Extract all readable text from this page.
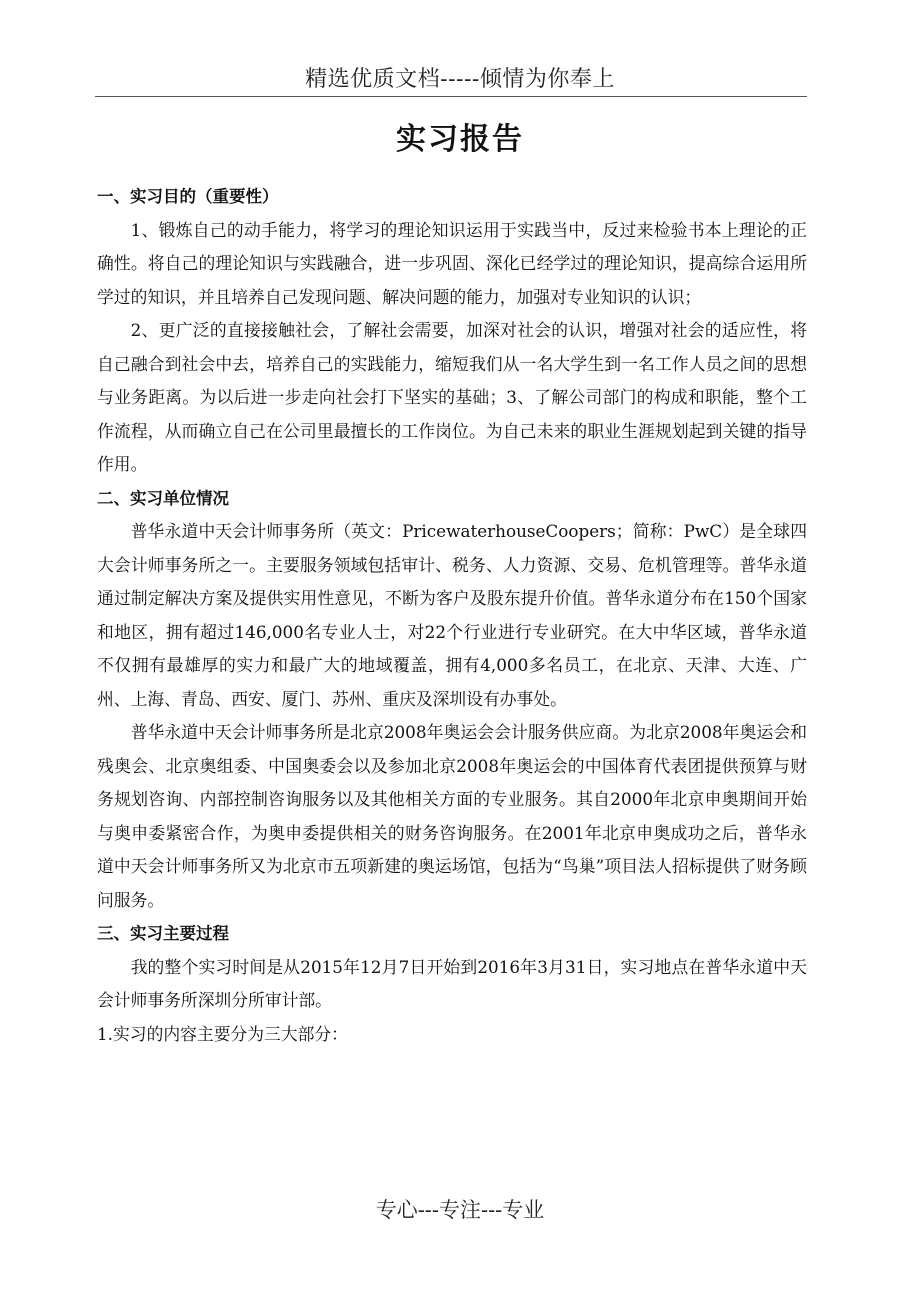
精选优质文档-----倾情为你奉上
实习报告
一、实习目的（重要性）

1、锻炼自己的动手能力，将学习的理论知识运用于实践当中，反过来检验书本上理论的正确性。将自己的理论知识与实践融合，进一步巩固、深化已经学过的理论知识，提高综合运用所学过的知识，并且培养自己发现问题、解决问题的能力，加强对专业知识的认识；

2、更广泛的直接接触社会，了解社会需要，加深对社会的认识，增强对社会的适应性，将自己融合到社会中去，培养自己的实践能力，缩短我们从一名大学生到一名工作人员之间的思想与业务距离。为以后进一步走向社会打下坚实的基础；3、了解公司部门的构成和职能，整个工作流程，从而确立自己在公司里最擅长的工作岗位。为自己未来的职业生涯规划起到关键的指导作用。

二、实习单位情况

普华永道中天会计师事务所（英文：PricewaterhouseCoopers；简称：PwC）是全球四大会计师事务所之一。主要服务领域包括审计、税务、人力资源、交易、危机管理等。普华永道通过制定解决方案及提供实用性意见，不断为客户及股东提升价值。普华永道分布在150个国家和地区，拥有超过146,000名专业人士，对22个行业进行专业研究。在大中华区域，普华永道不仅拥有最雄厚的实力和最广大的地域覆盖，拥有4,000多名员工，在北京、天津、大连、广州、上海、青岛、西安、厦门、苏州、重庆及深圳设有办事处。

普华永道中天会计师事务所是北京2008年奥运会会计服务供应商。为北京2008年奥运会和残奥会、北京奥组委、中国奥委会以及参加北京2008年奥运会的中国体育代表团提供预算与财务规划咨询、内部控制咨询服务以及其他相关方面的专业服务。其自2000年北京申奥期间开始与奥申委紧密合作，为奥申委提供相关的财务咨询服务。在2001年北京申奥成功之后，普华永道中天会计师事务所又为北京市五项新建的奥运场馆，包括为“鸟巢”项目法人招标提供了财务顾问服务。

三、实习主要过程

我的整个实习时间是从2015年12月7日开始到2016年3月31日，实习地点在普华永道中天会计师事务所深圳分所审计部。

1.实习的内容主要分为三大部分：

专心---专注---专业
